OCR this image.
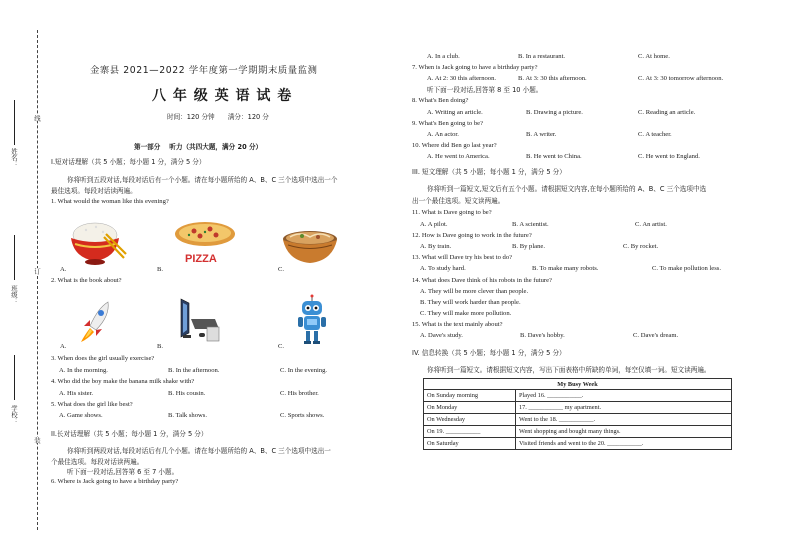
姓名：
班级：
学校：
线
订
装
金寨县 2021—2022 学年度第一学期期末质量监测
八 年 级 英 语 试 卷
时间：120 分钟　　满分：120 分
第一部分　 听力（共四大题，满分 20 分）
I.短对话理解（共 5 小题；每小题 1 分，满分 5 分）
你将听到五段对话,每段对话后有一个小题。请在每小题所给的 A、B、C 三个选项中选出一个
最佳选项。每段对话读两遍。
1. What would the woman like this evening?
A.
PIZZA
B.	C.
2. What is the book about?
A.	B.	C.
3. When does the girl usually exercise?
A. In the morning.	B. In the afternoon.	C. In the evening.
4. Who did the boy make the banana milk shake with?
A. His sister.	B. His cousin.	C. His brother.
5. What does the girl like best?
A. Game shows.	B. Talk shows.	C. Sports shows.
II.长对话理解（共 5 小题；每小题 1 分，满分 5 分）
你将听到两段对话,每段对话后有几个小题。请在每小题所给的 A、B、C 三个选项中选出一
个最佳选项。每段对话读两遍。
听下面一段对话,回答第 6 至 7 小题。
6. Where is Jack going to have a birthday party?
A. In a club.	B. In a restaurant.	C. At home.
7. When is Jack going to have a birthday party?
A. At 2: 30 this afternoon.	B. At 3: 30 this afternoon.	C. At 3: 30 tomorrow afternoon.
听下面一段对话,回答第 8 至 10 小题。
8. What's Ben doing?
A. Writing an article.	B. Drawing a picture.	C. Reading an article.
9. What's Ben going to be?
A. An actor.	B. A writer.	C. A teacher.
10. Where did Ben go last year?
A. He went to America.	B. He went to China.	C. He went to England.
III. 短文理解（共 5 小题；每小题 1 分，满分 5 分）
你将听到一篇短文,短文后有五个小题。请根据短文内容,在每小题所给的 A、B、C 三个选项中选
出一个最佳选项。短文读两遍。
11. What is Dave going to be?
A. A pilot.	B. A scientist.	C. An artist.
12. How is Dave going to work in the future?
A. By train.	B. By plane.	C. By rocket.
13. What will Dave try his best to do?
A. To study hard.	B. To make many robots.	C. To make pollution less.
14. What does Dave think of his robots in the future?
A. They will be more clever than people.
B. They will work harder than people.
C. They will make more pollution.
15. What is the text mainly about?
A. Dave's study.	B. Dave's hobby.	C. Dave's dream.
IV. 信息转换（共 5 小题；每小题 1 分，满分 5 分）
你将听到一篇短文。请根据短文内容，写出下面表格中所缺的单词，每空仅填一词。短文读两遍。
My Busy Week	
On Sunday morning	Played 16. ___________.
On Monday	17. ___________ my apartment.
On Wednesday	Went to the 18. ___________.
On 19. ___________	Went shopping and bought many things.
On Saturday	Visited friends and went to the 20. ___________.
